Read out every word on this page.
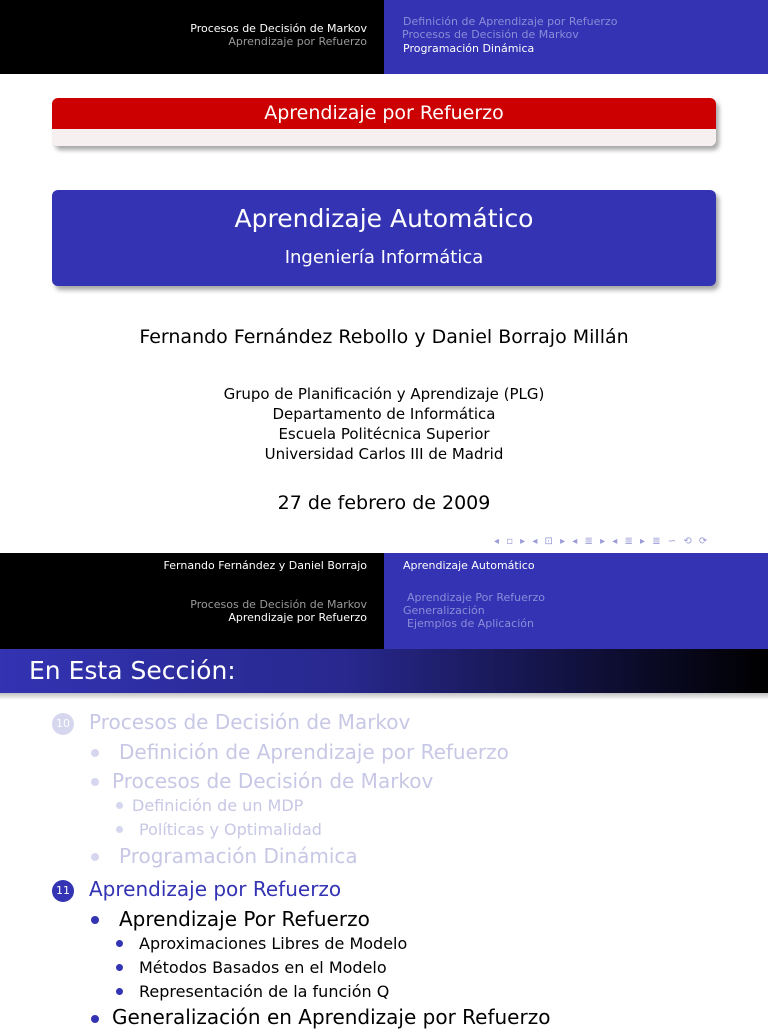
Procesos de Decisión de Markov
Aprendizaje por Refuerzo
Definición de Aprendizaje por Refuerzo
Procesos de Decisión de Markov
Programación Dinámica
Aprendizaje por Refuerzo
Aprendizaje Automático
Ingeniería Informática
Fernando Fernández Rebollo y Daniel Borrajo Millán
Grupo de Planificación y Aprendizaje (PLG)
Departamento de Informática
Escuela Politécnica Superior
Universidad Carlos III de Madrid
27 de febrero de 2009
◂ ▫ ▸ ◂ ⊡ ▸ ◂ ≣ ▸ ◂ ≣ ▸ ≣ ∽ ⟲ ⟳
Fernando Fernández y Daniel Borrajo
Procesos de Decisión de Markov
Aprendizaje por Refuerzo
Aprendizaje Automático
Aprendizaje Por Refuerzo
Generalización
Ejemplos de Aplicación
En Esta Sección:
10 Procesos de Decisión de Markov
Definición de Aprendizaje por Refuerzo
Procesos de Decisión de Markov
Definición de un MDP
Políticas y Optimalidad
Programación Dinámica
11 Aprendizaje por Refuerzo
Aprendizaje Por Refuerzo
Aproximaciones Libres de Modelo
Métodos Basados en el Modelo
Representación de la función Q
Generalización en Aprendizaje por Refuerzo
